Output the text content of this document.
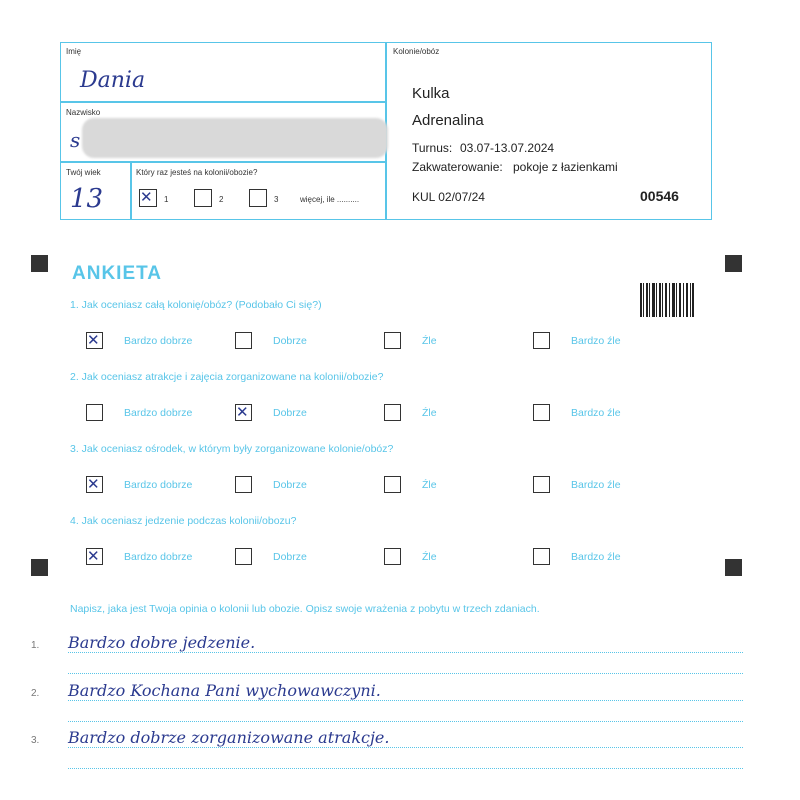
Imię
Dania
Nazwisko
s
Twój wiek
13
Który raz jesteś na kolonii/obozie?
✕ 1	2	3	więcej, ile ..........
Kolonie/obóz
Kulka
Adrenalina
Turnus: 03.07-13.07.2024
Zakwaterowanie: pokoje z łazienkami
KUL 02/07/24	00546
ANKIETA
1. Jak oceniasz całą kolonię/obóz? (Podobało Ci się?)
✕ Bardzo dobrze	Dobrze	Źle	Bardzo źle
2. Jak oceniasz atrakcje i zajęcia zorganizowane na kolonii/obozie?
Bardzo dobrze	✕ Dobrze	Źle	Bardzo źle
3. Jak oceniasz ośrodek, w którym były zorganizowane kolonie/obóz?
✕ Bardzo dobrze	Dobrze	Źle	Bardzo źle
4. Jak oceniasz jedzenie podczas kolonii/obozu?
✕ Bardzo dobrze	Dobrze	Źle	Bardzo źle
Napisz, jaka jest Twoja opinia o kolonii lub obozie. Opisz swoje wrażenia z pobytu w trzech zdaniach.
1. Bardzo dobre jedzenie.
2. Bardzo Kochana Pani wychowawczyni.
3. Bardzo dobrze zorganizowane atrakcje.
